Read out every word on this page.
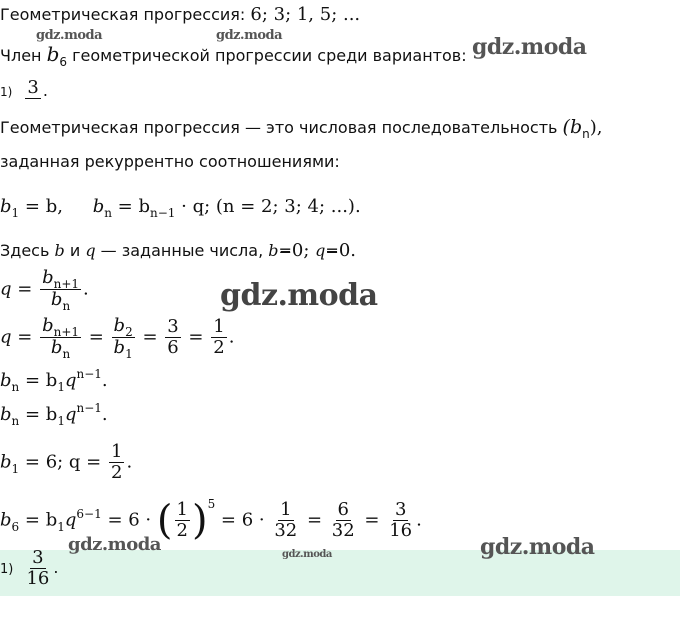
gdz.moda	gdz.moda	gdz.moda
gdz.moda
Геометрическая прогрессия: 6; 3; 1, 5; ...
Член $b_6$ геометрической прогрессии среди вариантов:
1) 3 .
Геометрическая прогрессия — это числовая последовательность $(b_n)$,
заданная рекуррентно соотношениями:
$b_1 = b$, $b_n = b_{n-1} \cdot q$; (n = 2; 3; 4; ...).
Здесь b и q — заданные числа, b=0; q=0.
$q = \frac{b_{n+1}}{b_n}$ .
$q = \frac{b_{n+1}}{b_n} = \frac{b_2}{b_1} = \frac{3}{6} = \frac{1}{2}$ .
$b_n = b_1q^{n-1}$.
$b_n = b_1q^{n-1}$.
$b_1 = 6$; $q = \frac{1}{2}$ .
$b_6 = b_1q^{6-1} = 6$ · ( $\frac{1}{2} )^5 = 6 \cdot \frac{1}{32} = \frac{6}{32} = \frac{3}{16}$ .
gdz.moda	gdz.moda	gdz.moda
$1) \frac{3}{16}$ .
